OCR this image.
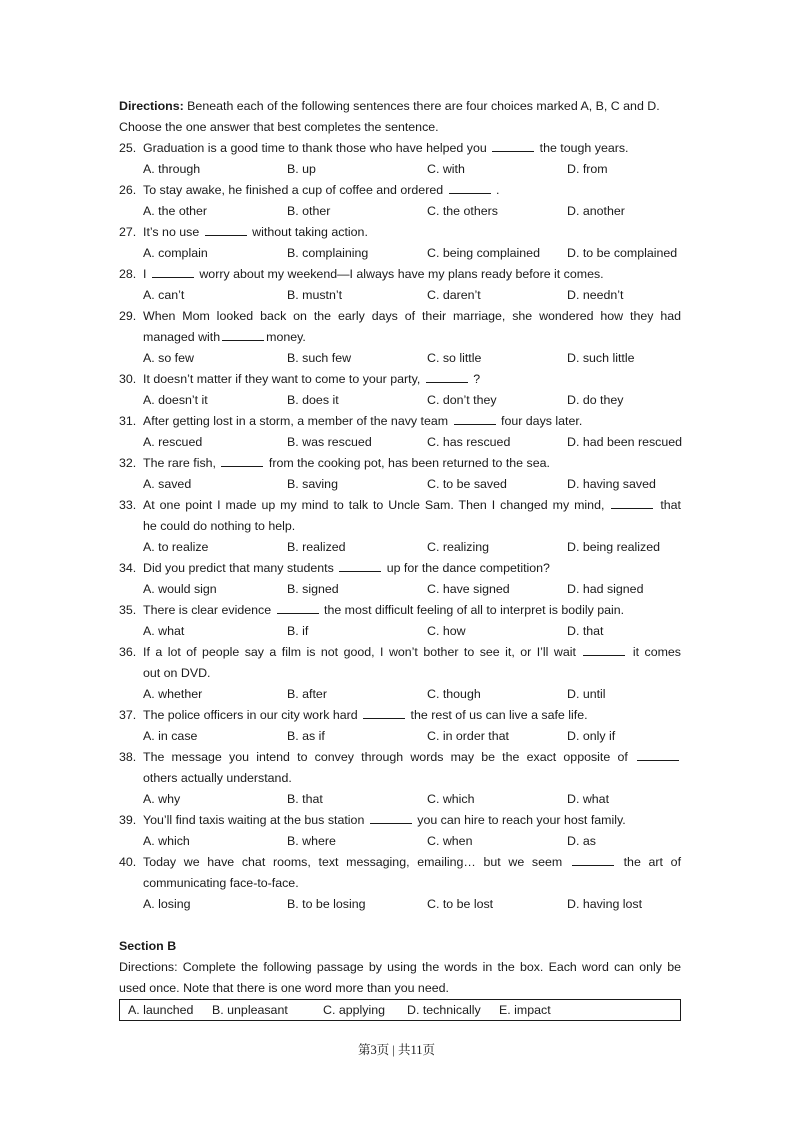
Directions: Beneath each of the following sentences there are four choices marked A, B, C and D.
Choose the one answer that best completes the sentence.
25. Graduation is a good time to thank those who have helped you	the tough years.
A. through	B. up	C. with	D. from
26. To stay awake, he finished a cup of coffee and ordered	.
A. the other	B. other	C. the others	D. another
27. It’s no use	without taking action.
A. complain	B. complaining	C. being complained D. to be complained
28. I	worry about my weekend—I always have my plans ready before it comes.
A. can’t	B. mustn’t	C. daren’t	D. needn’t
29. When Mom looked back on the early days of their marriage, she wondered how they had
managed with	money.
A. so few	B. such few	C. so little	D. such little
30. It doesn’t matter if they want to come to your party,	?
A. doesn’t it	B. does it	C. don’t they	D. do they
31. After getting lost in a storm, a member of the navy team	four days later.
A. rescued	B. was rescued	C. has rescued	D. had been rescued
32. The rare fish,	from the cooking pot, has been returned to the sea.
A. saved	B. saving	C. to be saved	D. having saved
33. At one point I made up my mind to talk to Uncle Sam. Then I changed my mind,	that
he could do nothing to help.
A. to realize	B. realized	C. realizing	D. being realized
34. Did you predict that many students	up for the dance competition?
A. would sign	B. signed	C. have signed	D. had signed
35. There is clear evidence	the most difficult feeling of all to interpret is bodily pain.
A. what	B. if	C. how	D. that
36. If a lot of people say a film is not good, I won’t bother to see it, or I’ll wait	it comes
out on DVD.
A. whether	B. after	C. though	D. until
37. The police officers in our city work hard	the rest of us can live a safe life.
A. in case	B. as if	C. in order that	D. only if
38. The message you intend to convey through words may be the exact opposite of
others actually understand.
A. why	B. that	C. which	D. what
39. You’ll find taxis waiting at the bus station	you can hire to reach your host family.
A. which	B. where	C. when	D. as
40. Today we have chat rooms, text messaging, emailing… but we seem	the art of
communicating face-to-face.
A. losing	B. to be losing	C. to be lost	D. having lost
Section B
Directions: Complete the following passage by using the words in the box. Each word can only be
used once. Note that there is one word more than you need.
A. launched B. unpleasant	C. applying D. technically E. impact
第3页 | 共11页
